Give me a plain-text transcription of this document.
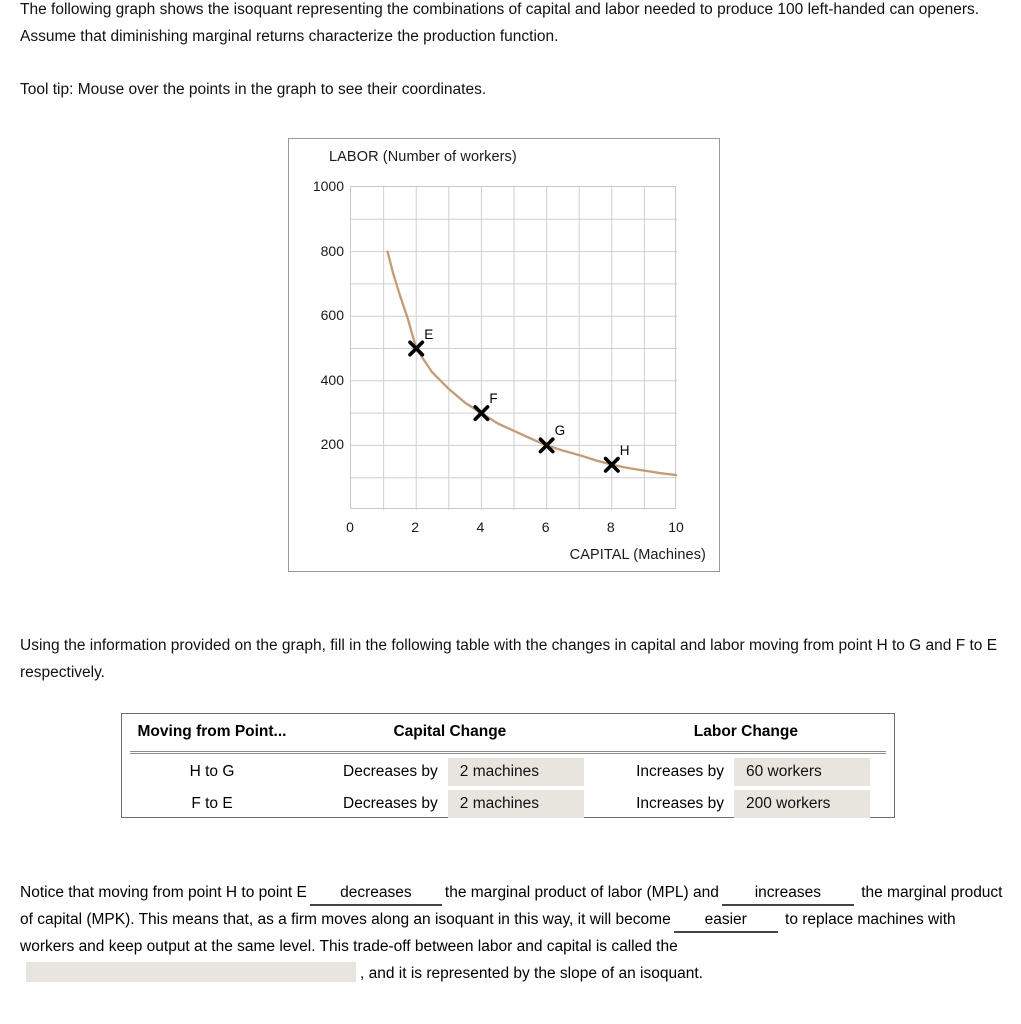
The following graph shows the isoquant representing the combinations of capital and labor needed to produce 100 left-handed can openers. Assume that diminishing marginal returns characterize the production function.
Tool tip: Mouse over the points in the graph to see their coordinates.
LABOR (Number of workers)
CAPITAL (Machines)
200
400
600
800
1000
0	2	4	6	8	10
E
F
G
H
Using the information provided on the graph, fill in the following table with the changes in capital and labor moving from point H to G and F to E respectively.
Moving from Point...	Capital Change		Labor Change	

H to G	Decreases by	2 machines	Increases by	60 workers
F to E	Decreases by	2 machines	Increases by	200 workers
Notice that moving from point H to point E decreases the marginal product of labor (MPL) and increases	the marginal product of capital (MPK). This means that, as a firm moves along an isoquant in this way, it will become easier to replace machines with workers and keep output at the same level. This trade-off between labor and capital is called the, and it is represented by the slope of an isoquant.
